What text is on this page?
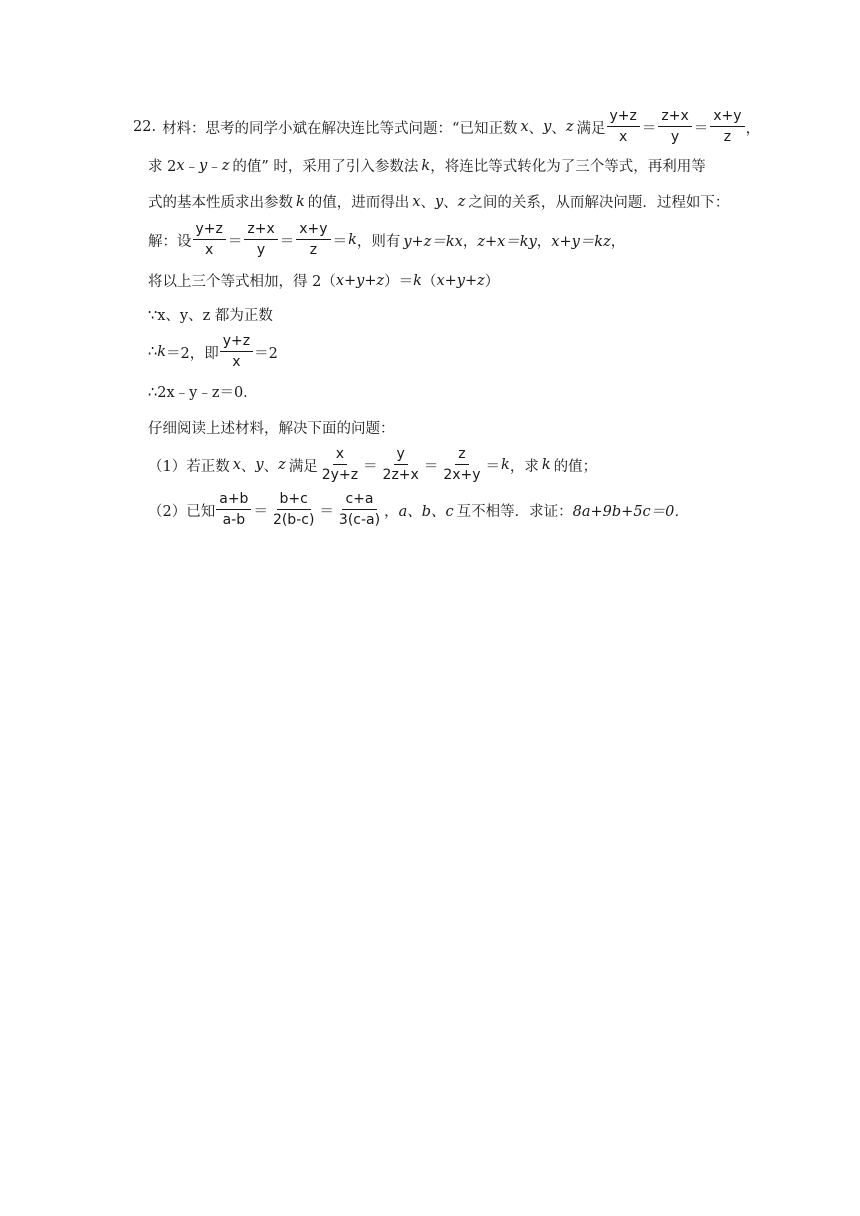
22. 材料：思考的同学小斌在解决连比等式问题：“已知正数 x 、 y 、 z 满足 $\frac{y+z}{x} = \frac{z+x}{y} = \frac{x+y}{z}$ ，
求 2 x ﹣ y ﹣ z 的值” 时，采用了引入参数法 k ，将连比等式转化为了三个等式，再利用等
式的基本性质求出参数 k 的值，进而得出 x 、 y 、 z 之间的关系，从而解决问题．过程如下：
解：设 $\frac{y+z}{x} = \frac{z+x}{y} = \frac{x+y}{z} = k$ ，则有 y+z＝kx ， z+x＝ky ， x+y＝kz ，
将以上三个等式相加，得 2（ x+y+z ）＝ k （ x+y+z ）
∵x、y、z 都为正数
∴ k ＝2，即 $\frac{y+z}{x} =2$
∴2x﹣y﹣z＝0．
仔细阅读上述材料，解决下面的问题：
（1）若正数 x 、 y 、 z 满足 $\frac{x}{2y+z} = \frac{y}{2z+x} = \frac{z}{2x+y} = k$ ，求 k 的值；
（2）已知 $\frac{a+b}{a-b} = \frac{b+c}{2(b-c)} = \frac{c+a}{3(c-a)}$ ， a、b、c 互不相等．求证： 8a+9b+5c＝0．
